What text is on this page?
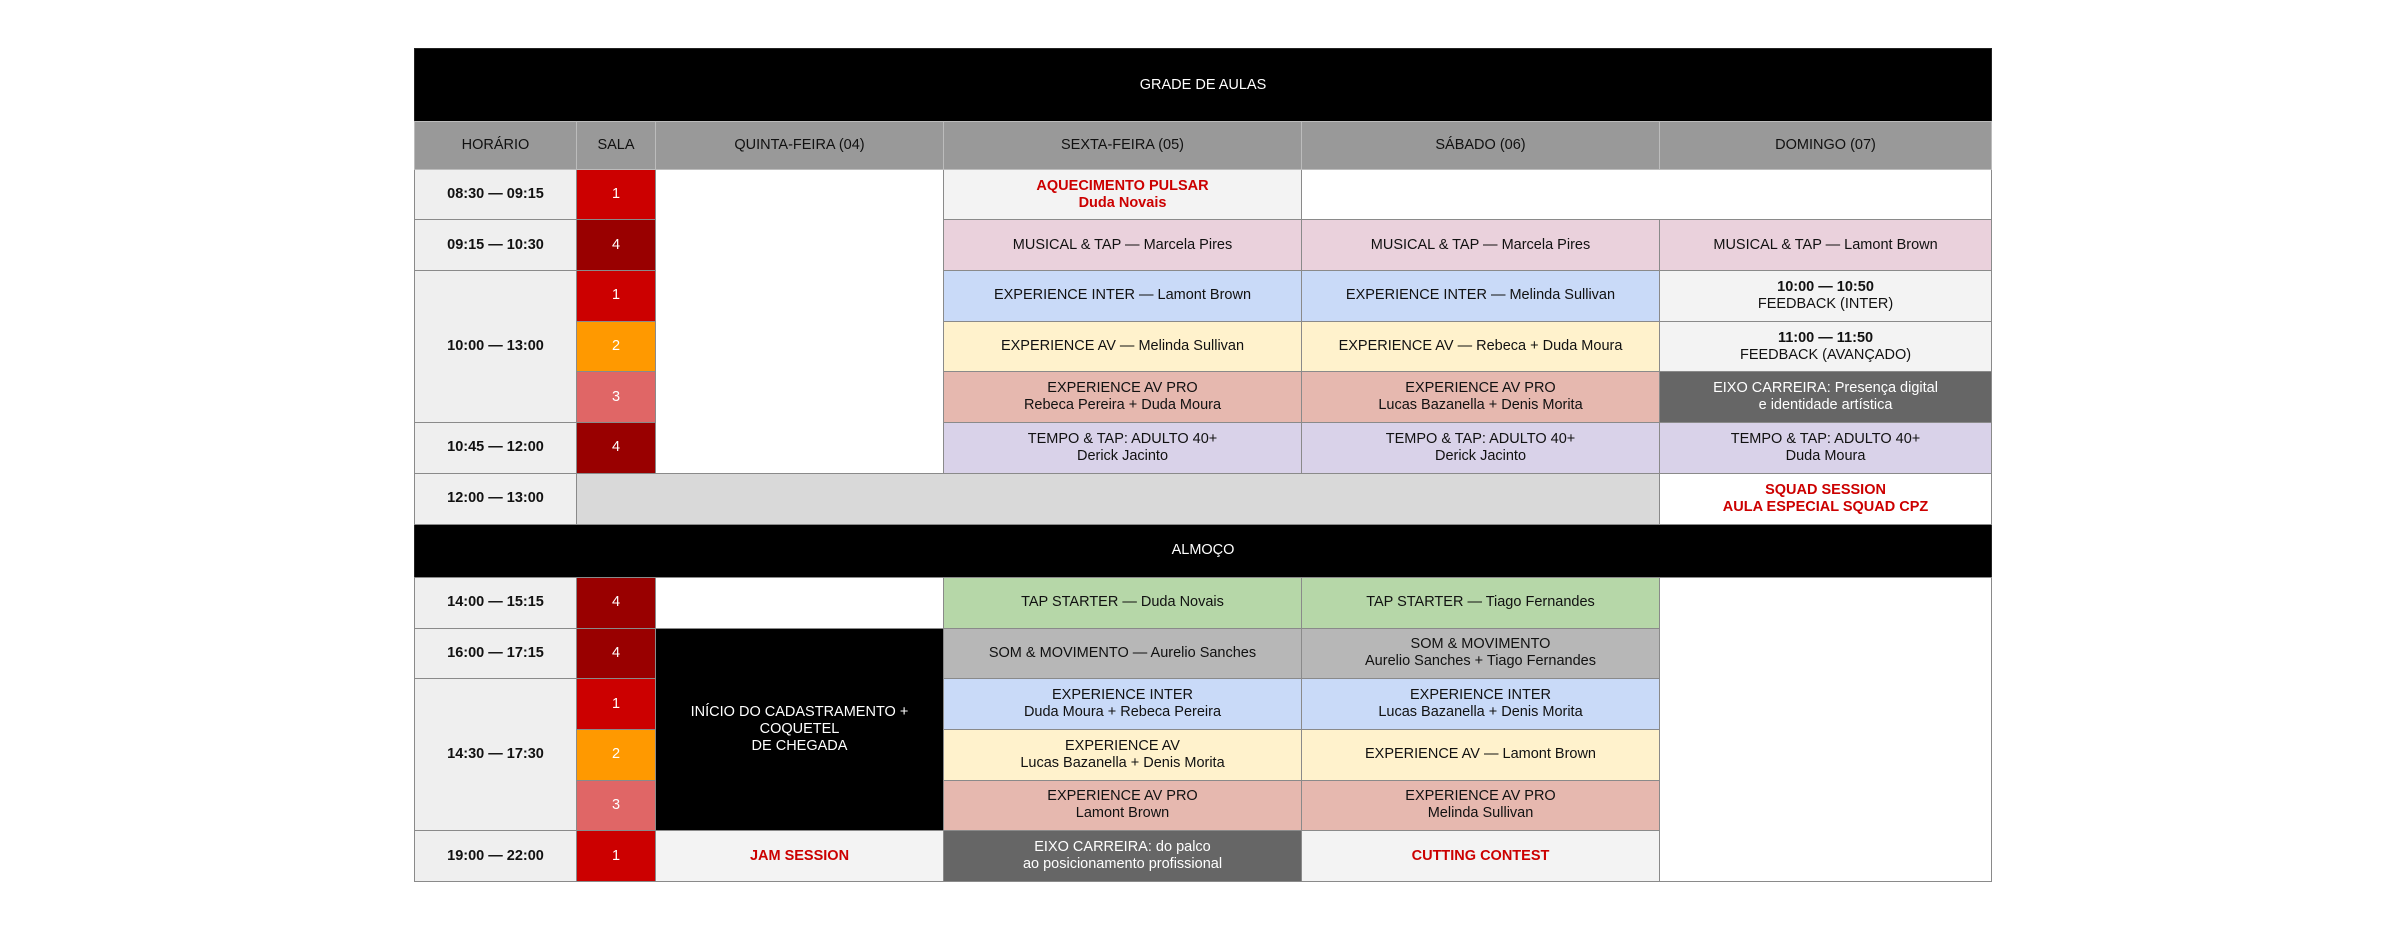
GRADE DE AULAS					
HORÁRIO	SALA	QUINTA-FEIRA (04)	SEXTA-FEIRA (05)	SÁBADO (06)	DOMINGO (07)
08:30 — 09:15	1		AQUECIMENTO PULSAR
Duda Novais		

09:15 — 10:30	4		MUSICAL & TAP — Marcela Pires	MUSICAL & TAP — Marcela Pires	MUSICAL & TAP — Lamont Brown
10:00 — 13:00	1		EXPERIENCE INTER — Lamont Brown	EXPERIENCE INTER — Melinda Sullivan	10:00 — 10:50
FEEDBACK (INTER)

	2		EXPERIENCE AV — Melinda Sullivan	EXPERIENCE AV — Rebeca + Duda Moura	11:00 — 11:50
FEEDBACK (AVANÇADO)

	3		EXPERIENCE AV PRO
Rebeca Pereira + Duda Moura	EXPERIENCE AV PRO
Lucas Bazanella + Denis Morita	EIXO CARREIRA: Presença digital
e identidade artística

10:45 — 12:00	4		TEMPO & TAP: ADULTO 40+
Derick Jacinto	TEMPO & TAP: ADULTO 40+
Derick Jacinto	TEMPO & TAP: ADULTO 40+
Duda Moura

12:00 — 13:00					SQUAD SESSION
AULA ESPECIAL SQUAD CPZ

ALMOÇO					
14:00 — 15:15	4		TAP STARTER — Duda Novais	TAP STARTER — Tiago Fernandes	
16:00 — 17:15	4	INÍCIO DO CADASTRAMENTO + COQUETEL
DE CHEGADA	SOM & MOVIMENTO — Aurelio Sanches	SOM & MOVIMENTO
Aurelio Sanches + Tiago Fernandes	

14:30 — 17:30	1		EXPERIENCE INTER
Duda Moura + Rebeca Pereira	EXPERIENCE INTER
Lucas Bazanella + Denis Morita	

	2		EXPERIENCE AV
Lucas Bazanella + Denis Morita	EXPERIENCE AV — Lamont Brown	
	3		EXPERIENCE AV PRO
Lamont Brown	EXPERIENCE AV PRO
Melinda Sullivan	

19:00 — 22:00	1	JAM SESSION	EIXO CARREIRA: do palco
ao posicionamento profissional	CUTTING CONTEST	
